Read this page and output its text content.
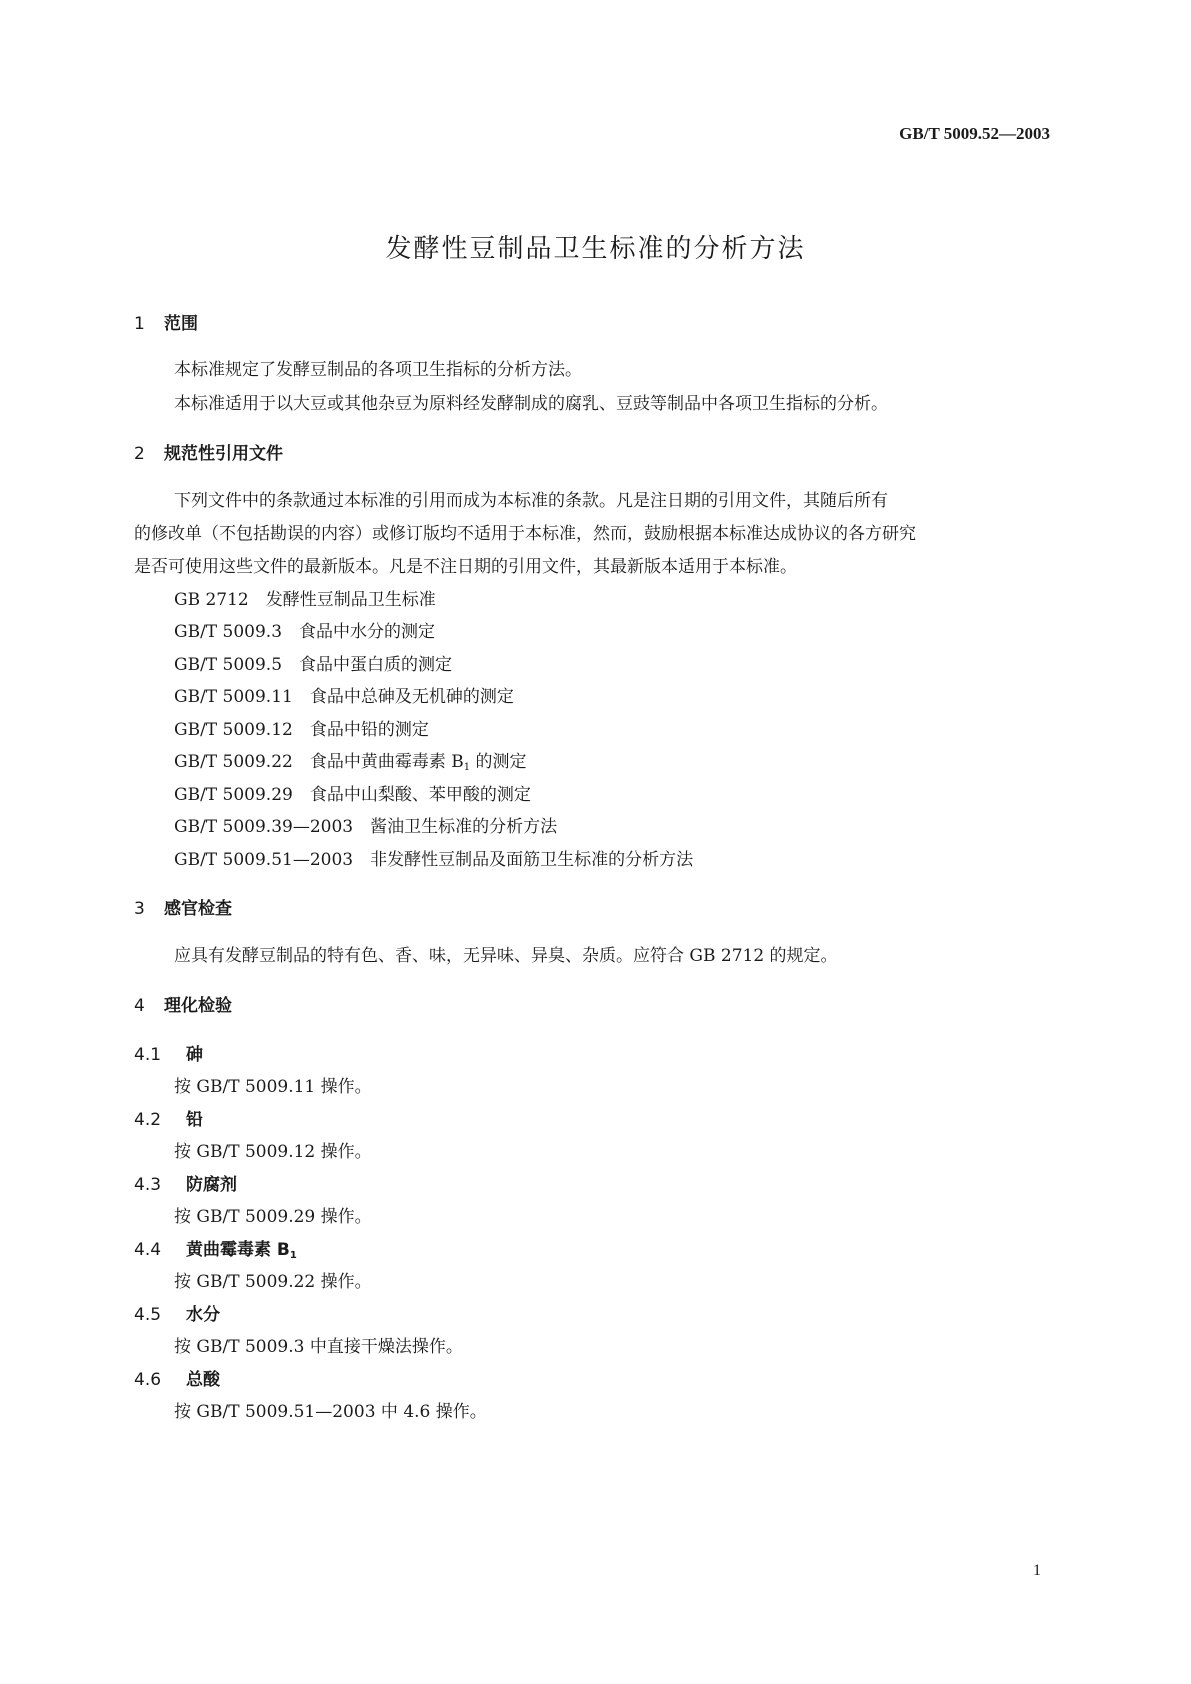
GB/T 5009.52—2003
发酵性豆制品卫生标准的分析方法
1 范围
本标准规定了发酵豆制品的各项卫生指标的分析方法。
本标准适用于以大豆或其他杂豆为原料经发酵制成的腐乳、豆豉等制品中各项卫生指标的分析。
2 规范性引用文件
下列文件中的条款通过本标准的引用而成为本标准的条款。凡是注日期的引用文件，其随后所有
的修改单（不包括勘误的内容）或修订版均不适用于本标准，然而，鼓励根据本标准达成协议的各方研究
是否可使用这些文件的最新版本。凡是不注日期的引用文件，其最新版本适用于本标准。
GB 2712  发酵性豆制品卫生标准
GB/T 5009.3  食品中水分的测定
GB/T 5009.5  食品中蛋白质的测定
GB/T 5009.11  食品中总砷及无机砷的测定
GB/T 5009.12  食品中铅的测定
GB/T 5009.22  食品中黄曲霉毒素 B1 的测定
GB/T 5009.29  食品中山梨酸、苯甲酸的测定
GB/T 5009.39—2003  酱油卫生标准的分析方法
GB/T 5009.51—2003  非发酵性豆制品及面筋卫生标准的分析方法
3 感官检查
应具有发酵豆制品的特有色、香、味，无异味、异臭、杂质。应符合 GB 2712 的规定。
4 理化检验
4.1 砷
按 GB/T 5009.11 操作。
4.2 铅
按 GB/T 5009.12 操作。
4.3 防腐剂
按 GB/T 5009.29 操作。
4.4 黄曲霉毒素 B1
按 GB/T 5009.22 操作。
4.5 水分
按 GB/T 5009.3 中直接干燥法操作。
4.6 总酸
按 GB/T 5009.51—2003 中 4.6 操作。
1
